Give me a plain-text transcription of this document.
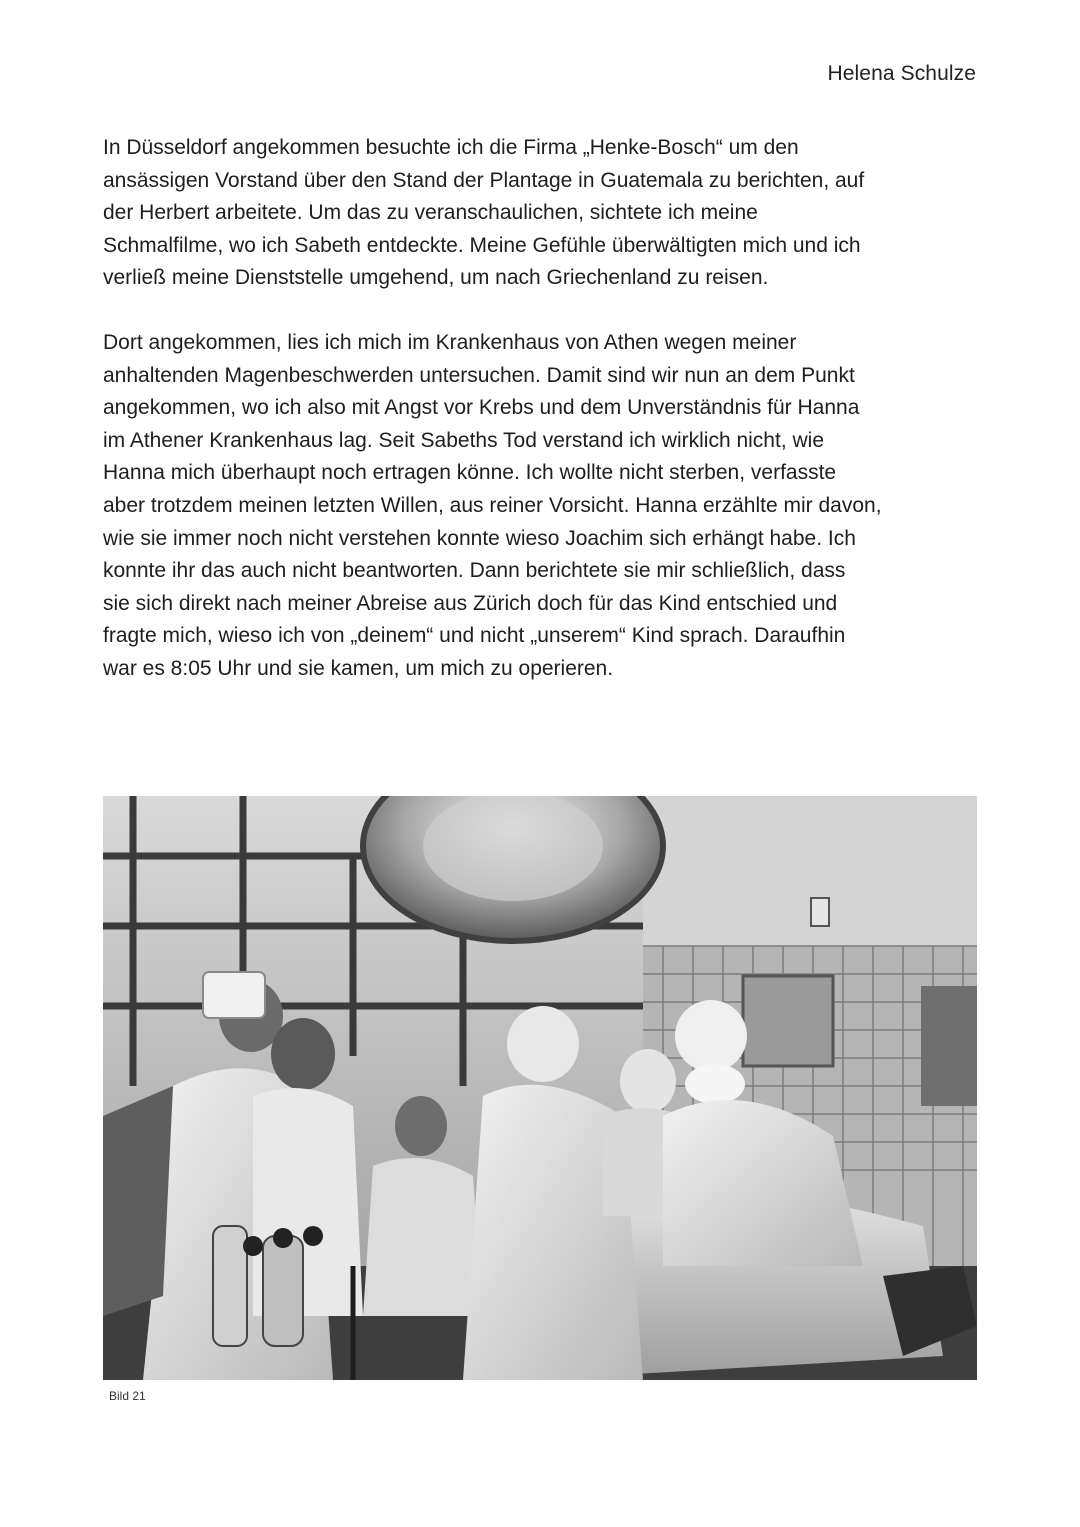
Helena Schulze

In Düsseldorf angekommen besuchte ich die Firma „Henke-Bosch“ um den
ansässigen Vorstand über den Stand der Plantage in Guatemala zu berichten, auf
der Herbert arbeitete. Um das zu veranschaulichen, sichtete ich meine
Schmalfilme, wo ich Sabeth entdeckte. Meine Gefühle überwältigten mich und ich
verließ meine Dienststelle umgehend, um nach Griechenland zu reisen.

Dort angekommen, lies ich mich im Krankenhaus von Athen wegen meiner
anhaltenden Magenbeschwerden untersuchen. Damit sind wir nun an dem Punkt
angekommen, wo ich also mit Angst vor Krebs und dem Unverständnis für Hanna
im Athener Krankenhaus lag. Seit Sabeths Tod verstand ich wirklich nicht, wie
Hanna mich überhaupt noch ertragen könne. Ich wollte nicht sterben, verfasste
aber trotzdem meinen letzten Willen, aus reiner Vorsicht. Hanna erzählte mir davon,
wie sie immer noch nicht verstehen konnte wieso Joachim sich erhängt habe. Ich
konnte ihr das auch nicht beantworten. Dann berichtete sie mir schließlich, dass
sie sich direkt nach meiner Abreise aus Zürich doch für das Kind entschied und
fragte mich, wieso ich von „deinem“ und nicht „unserem“ Kind sprach. Daraufhin
war es 8:05 Uhr und sie kamen, um mich zu operieren.

Bild 21
